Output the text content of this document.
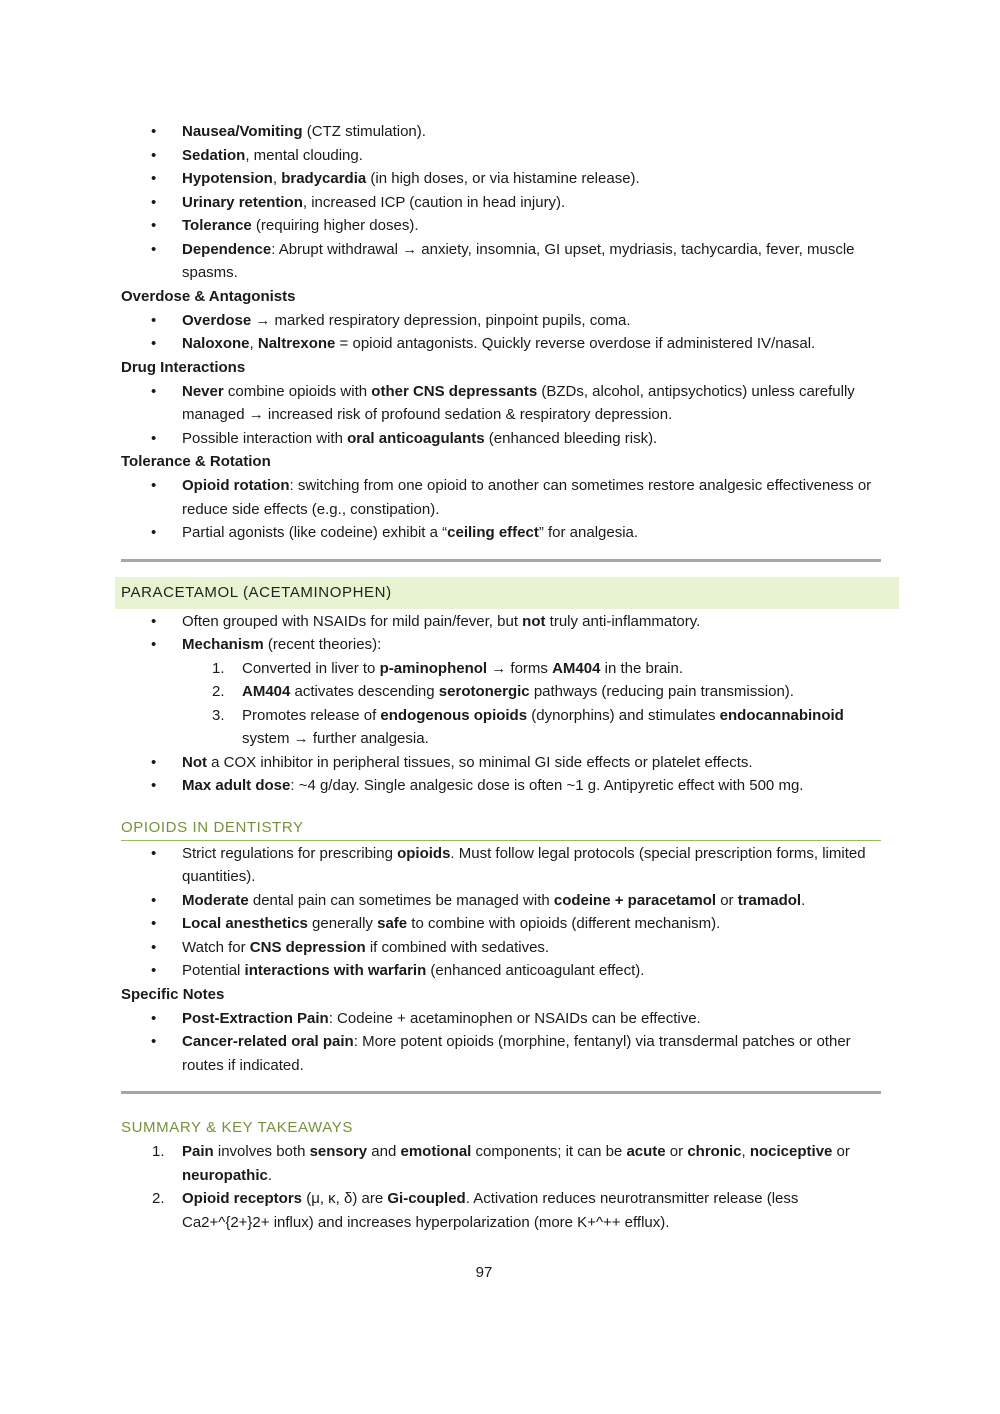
• Nausea/Vomiting (CTZ stimulation).
• Sedation, mental clouding.
• Hypotension, bradycardia (in high doses, or via histamine release).
• Urinary retention, increased ICP (caution in head injury).
• Tolerance (requiring higher doses).
• Dependence: Abrupt withdrawal → anxiety, insomnia, GI upset, mydriasis, tachycardia, fever, muscle spasms.

Overdose & Antagonists

• Overdose → marked respiratory depression, pinpoint pupils, coma.
• Naloxone, Naltrexone = opioid antagonists. Quickly reverse overdose if administered IV/nasal.

Drug Interactions

• Never combine opioids with other CNS depressants (BZDs, alcohol, antipsychotics) unless carefully managed → increased risk of profound sedation & respiratory depression.
• Possible interaction with oral anticoagulants (enhanced bleeding risk).

Tolerance & Rotation

• Opioid rotation: switching from one opioid to another can sometimes restore analgesic effectiveness or reduce side effects (e.g., constipation).
• Partial agonists (like codeine) exhibit a “ceiling effect” for analgesia.
PARACETAMOL (ACETAMINOPHEN)
• Often grouped with NSAIDs for mild pain/fever, but not truly anti-inflammatory.
• Mechanism (recent theories):
1. Converted in liver to p-aminophenol → forms AM404 in the brain.
2. AM404 activates descending serotonergic pathways (reducing pain transmission).
3. Promotes release of endogenous opioids (dynorphins) and stimulates endocannabinoid system → further analgesia.
• Not a COX inhibitor in peripheral tissues, so minimal GI side effects or platelet effects.
• Max adult dose: ~4 g/day. Single analgesic dose is often ~1 g. Antipyretic effect with 500 mg.
OPIOIDS IN DENTISTRY
• Strict regulations for prescribing opioids. Must follow legal protocols (special prescription forms, limited quantities).
• Moderate dental pain can sometimes be managed with codeine + paracetamol or tramadol.
• Local anesthetics generally safe to combine with opioids (different mechanism).
• Watch for CNS depression if combined with sedatives.
• Potential interactions with warfarin (enhanced anticoagulant effect).

Specific Notes

• Post-Extraction Pain: Codeine + acetaminophen or NSAIDs can be effective.
• Cancer-related oral pain: More potent opioids (morphine, fentanyl) via transdermal patches or other routes if indicated.
SUMMARY & KEY TAKEAWAYS
1. Pain involves both sensory and emotional components; it can be acute or chronic, nociceptive or neuropathic.
2. Opioid receptors (μ, κ, δ) are Gi-coupled. Activation reduces neurotransmitter release (less Ca2+^{2+}2+ influx) and increases hyperpolarization (more K+^++ efflux).
97
